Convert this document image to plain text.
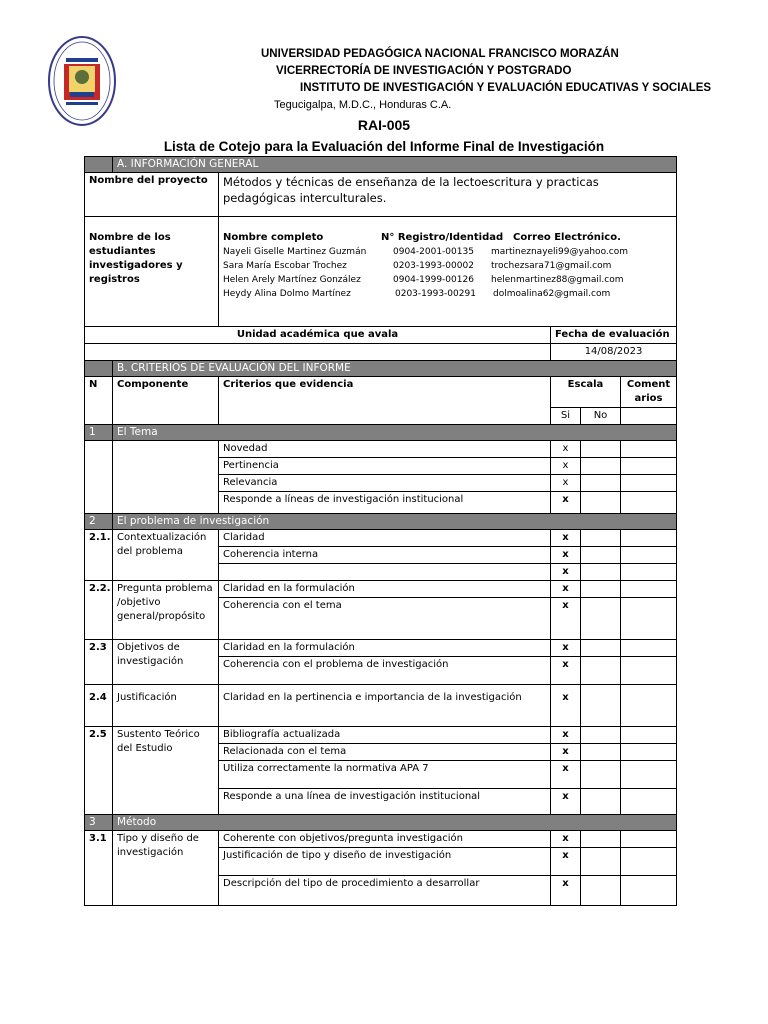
UNIVERSIDAD PEDAGÓGICA NACIONAL FRANCISCO MORAZÁN
VICERRECTORÍA DE INVESTIGACIÓN Y POSTGRADO
INSTITUTO DE INVESTIGACIÓN Y EVALUACIÓN EDUCATIVAS Y SOCIALES
Tegucigalpa, M.D.C., Honduras C.A.
RAI-005
Lista de Cotejo para la Evaluación del Informe Final de Investigación
	A. INFORMACIÓN GENERAL				
Nombre del proyecto		Métodos y técnicas de enseñanza de la lectoescritura y practicas pedagógicas interculturales.			
Nombre de los estudiantes investigadores y registros		Nombre completo N° Registro/Identidad Correo Electrónico.
Nayeli Giselle Martinez Guzmán 0904-2001-00135 martineznayeli99@yahoo.com
Sara María Escobar Trochez 0203-1993-00002 trochezsara71@gmail.com
Helen Arely Martínez González 0904-1999-00126 helenmartinez88@gmail.com
Heydy Alina Dolmo Martínez 0203-1993-00291 dolmoalina62@gmail.com			

Unidad académica que avala			Fecha de evaluación		
			14/08/2023		
	B. CRITERIOS DE EVALUACIÓN DEL INFORME				
N	Componente	Criterios que evidencia	Escala		Comentarios
			Si	No	
1	El Tema				
		Novedad	x		
		Pertinencia	x		
		Relevancia	x		
		Responde a líneas de investigación institucional	x		
2	El problema de investigación				
2.1.	Contextualización del problema	Claridad	x		
		Coherencia interna	x		
			x		
2.2.	Pregunta problema /objetivo general/propósito	Claridad en la formulación	x		
		Coherencia con el tema	x		
2.3	Objetivos de investigación	Claridad en la formulación	x		
		Coherencia con el problema de investigación	x		
2.4	Justificación	Claridad en la pertinencia e importancia de la investigación	x		
2.5	Sustento Teórico del Estudio	Bibliografía actualizada	x		
		Relacionada con el tema	x		
		Utiliza correctamente la normativa APA 7	x		
		Responde a una línea de investigación institucional	x		
3	Método				
3.1	Tipo y diseño de investigación	Coherente con objetivos/pregunta investigación	x		
		Justificación de tipo y diseño de investigación	x		
		Descripción del tipo de procedimiento a desarrollar	x		
